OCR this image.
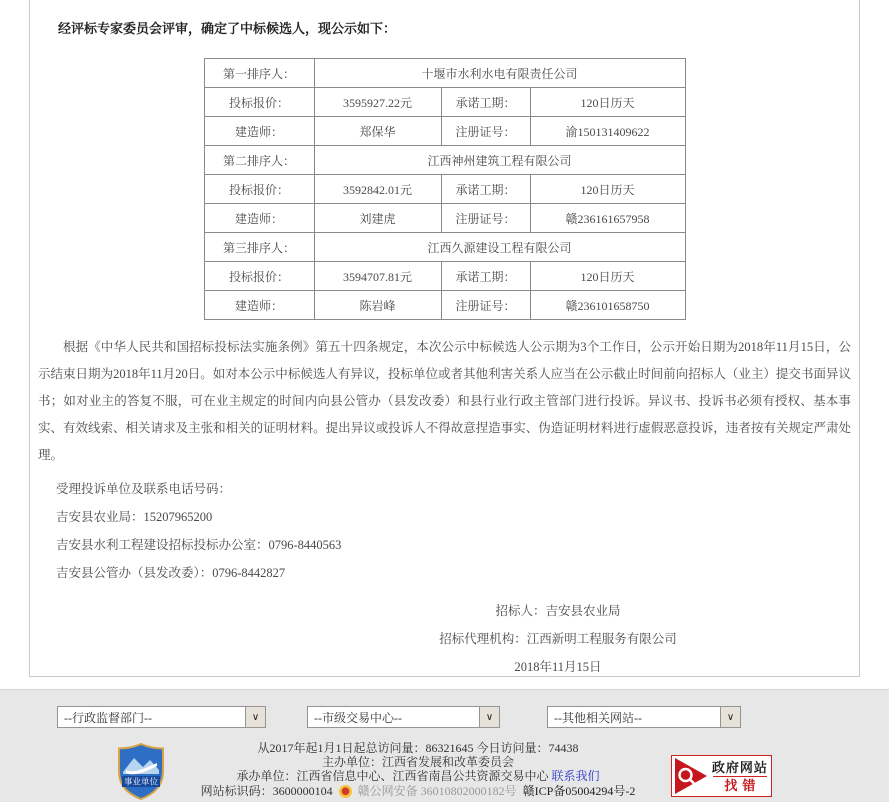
经评标专家委员会评审，确定了中标候选人，现公示如下：

第一排序人：	十堰市水利水电有限责任公司		
投标报价：	3595927.22元	承诺工期：	120日历天
建造师：	郑保华	注册证号：	渝150131409622
第二排序人：	江西神州建筑工程有限公司		
投标报价：	3592842.01元	承诺工期：	120日历天
建造师：	刘建虎	注册证号：	赣236161657958
第三排序人：	江西久源建设工程有限公司		
投标报价：	3594707.81元	承诺工期：	120日历天
建造师：	陈岩峰	注册证号：	赣236101658750

根据《中华人民共和国招标投标法实施条例》第五十四条规定，本次公示中标候选人公示期为3个工作日，公示开始日期为2018年11月15日，公示结束日期为2018年11月20日。如对本公示中标候选人有异议，投标单位或者其他利害关系人应当在公示截止时间前向招标人（业主）提交书面异议书；如对业主的答复不服，可在业主规定的时间内向县公管办（县发改委）和县行业行政主管部门进行投诉。异议书、投诉书必须有授权、基本事实、有效线索、相关请求及主张和相关的证明材料。提出异议或投诉人不得故意捏造事实、伪造证明材料进行虚假恶意投诉，违者按有关规定严肃处理。

受理投诉单位及联系电话号码：

吉安县农业局：15207965200

吉安县水利工程建设招标投标办公室：0796-8440563

吉安县公管办（县发改委）：0796-8442827

招标人：吉安县农业局

招标代理机构：江西新明工程服务有限公司

2018年11月15日

--行政监督部门--	∨	--市级交易中心--	∨	--其他相关网站--	∨
事业单位

从2017年起1月1日起总访问量：86321645 今日访问量：74438

主办单位：江西省发展和改革委员会

承办单位：江西省信息中心、江西省南昌公共资源交易中心 联系我们

网站标识码：3600000104 赣公网安备 36010802000182号 赣ICP备05004294号-2

政府网站
找错
